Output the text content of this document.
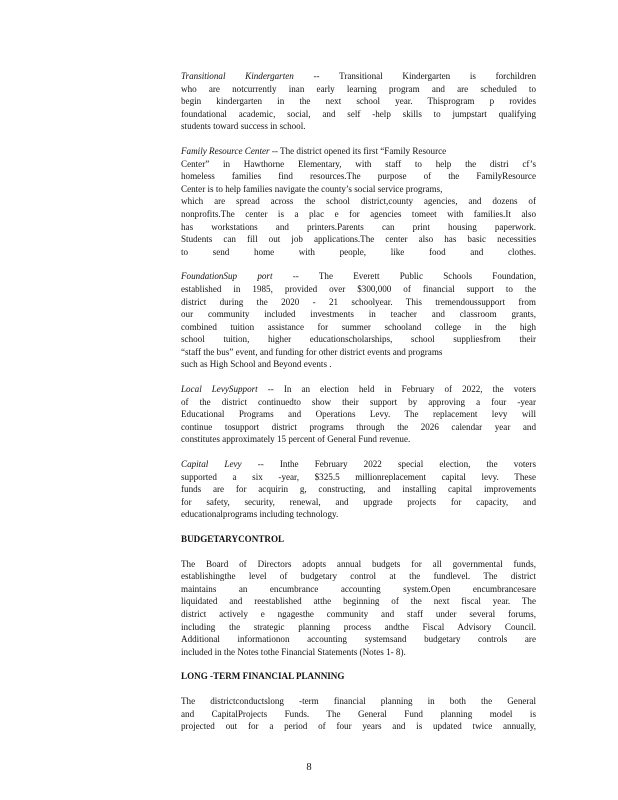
Transitional Kindergarten -- Transitional Kindergarten is forchildren
who are notcurrently inan early learning program and are scheduled to
begin kindergarten in the next school year. Thisprogram p rovides
foundational academic, social, and self -help skills to jumpstart qualifying
students toward success in school.
Family Resource Center -- The district opened its first “Family Resource
Center” in Hawthorne Elementary, with staff to help the distri cf’s
homeless families find resources.The purpose of the FamilyResource
Center is to help families navigate the county’s social service programs,
which are spread across the school district,county agencies, and dozens of
nonprofits.The center is a plac e for agencies tomeet with families.It also
has workstations and printers.Parents can print housing paperwork.
Students can fill out job applications.The center also has basic necessities
to send home with people, like food and clothes.
FoundationSup port -- The Everett Public Schools Foundation,
established in 1985, provided over $300,000 of financial support to the
district during the 2020 - 21 schoolyear. This tremendoussupport from
our community included investments in teacher and classroom grants,
combined tuition assistance for summer schooland college in the high
school tuition, higher educationscholarships, school suppliesfrom their
“staff the bus” event, and funding for other district events and programs
such as High School and Beyond events .
Local LevySupport -- In an election held in February of 2022, the voters
of the district continuedto show their support by approving a four -year
Educational Programs and Operations Levy. The replacement levy will
continue tosupport district programs through the 2026 calendar year and
constitutes approximately 15 percent of General Fund revenue.
Capital Levy -- Inthe February 2022 special election, the voters
supported a six -year, $325.5 millionreplacement capital levy. These
funds are for acquirin g, constructing, and installing capital improvements
for safety, security, renewal, and upgrade projects for capacity, and
educationalprograms including technology.
BUDGETARYCONTROL
The Board of Directors adopts annual budgets for all governmental funds,
establishingthe level of budgetary control at the fundlevel. The district
maintains an encumbrance accounting system.Open encumbrancesare
liquidated and reestablished atthe beginning of the next fiscal year. The
district actively e ngagesthe community and staff under several forums,
including the strategic planning process andthe Fiscal Advisory Council.
Additional informationon accounting systemsand budgetary controls are
included in the Notes tothe Financial Statements (Notes 1- 8).
LONG -TERM FINANCIAL PLANNING
The districtconductslong -term financial planning in both the General
and CapitalProjects Funds. The General Fund planning model is
projected out for a period of four years and is updated twice annually,
8
